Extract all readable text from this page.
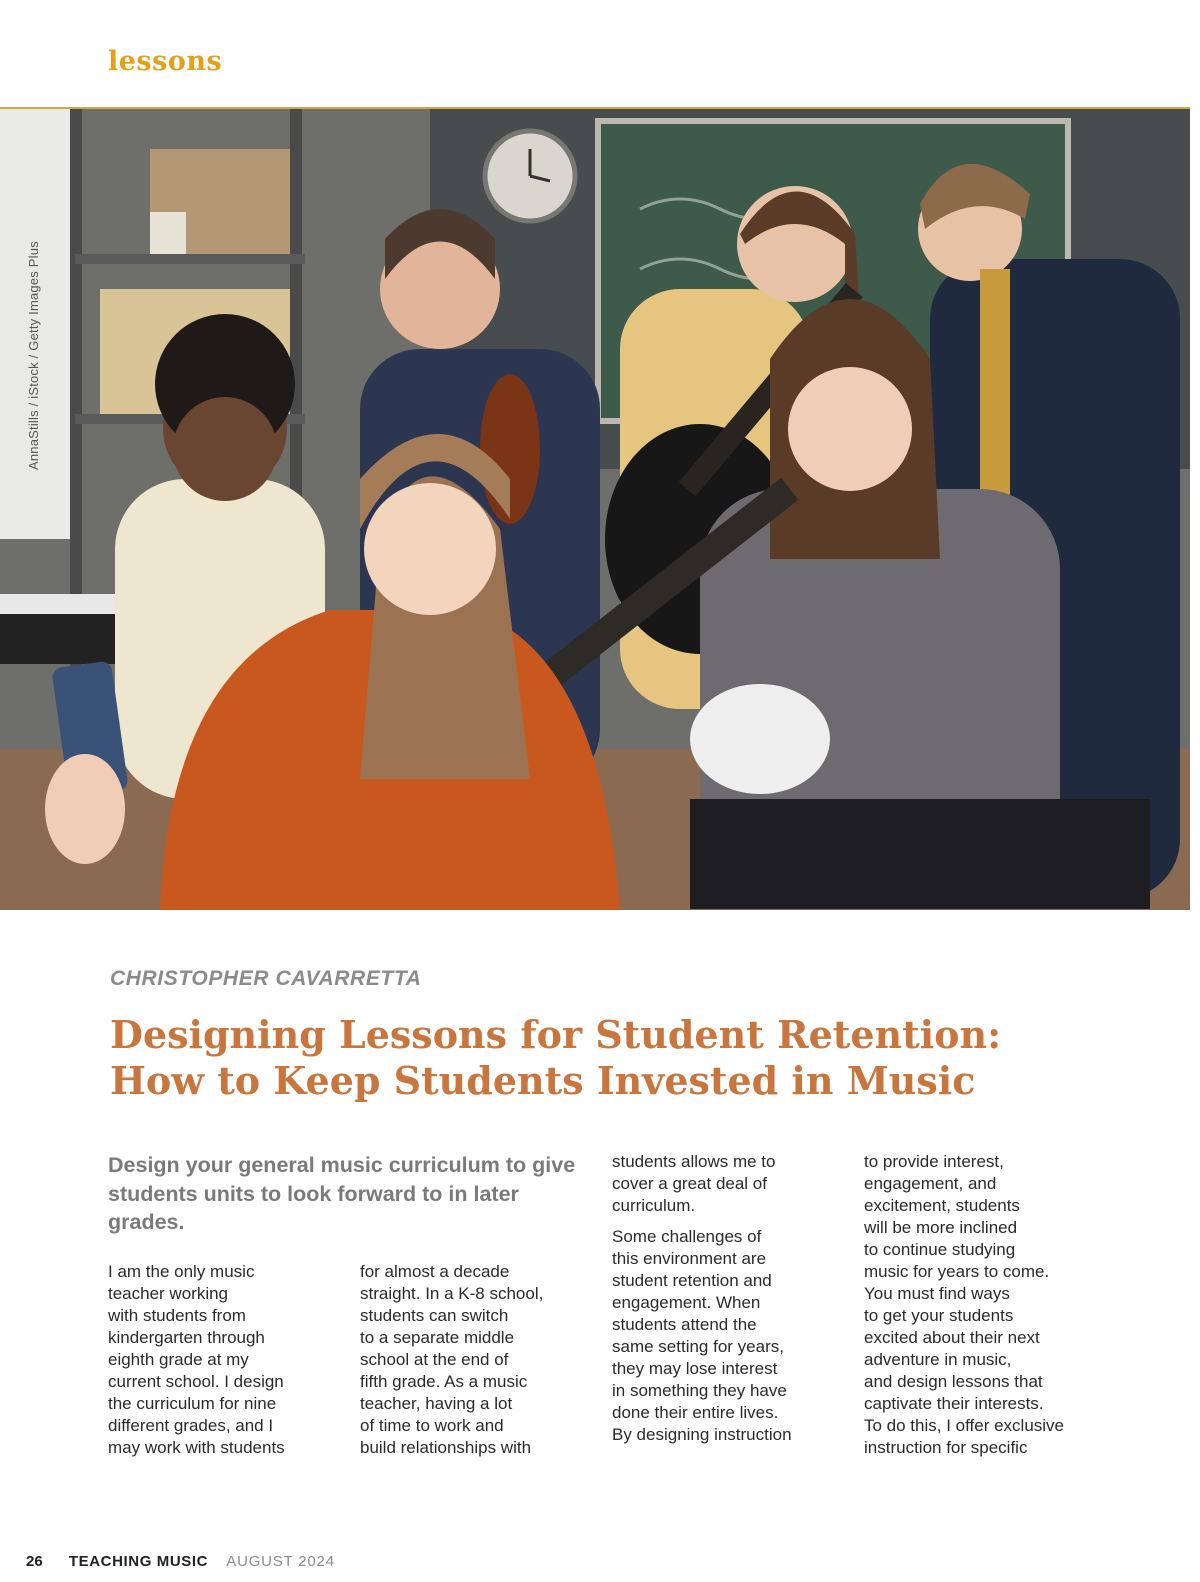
lessons
AnnaStills / iStock / Getty Images Plus
CHRISTOPHER CAVARRETTA
Designing Lessons for Student Retention:
How to Keep Students Invested in Music
Design your general music curriculum to give students units to look forward to in later grades.

I am the only music
teacher working
with students from
kindergarten through
eighth grade at my
current school. I design
the curriculum for nine
different grades, and I
may work with students

for almost a decade
straight. In a K-8 school,
students can switch
to a separate middle
school at the end of
fifth grade. As a music
teacher, having a lot
of time to work and
build relationships with

students allows me to
cover a great deal of
curriculum.

Some challenges of
this environment are
student retention and
engagement. When
students attend the
same setting for years,
they may lose interest
in something they have
done their entire lives.
By designing instruction

to provide interest,
engagement, and
excitement, students
will be more inclined
to continue studying
music for years to come.
You must find ways
to get your students
excited about their next
adventure in music,
and design lessons that
captivate their interests.
To do this, I offer exclusive
instruction for specific

26 TEACHING MUSIC AUGUST 2024
